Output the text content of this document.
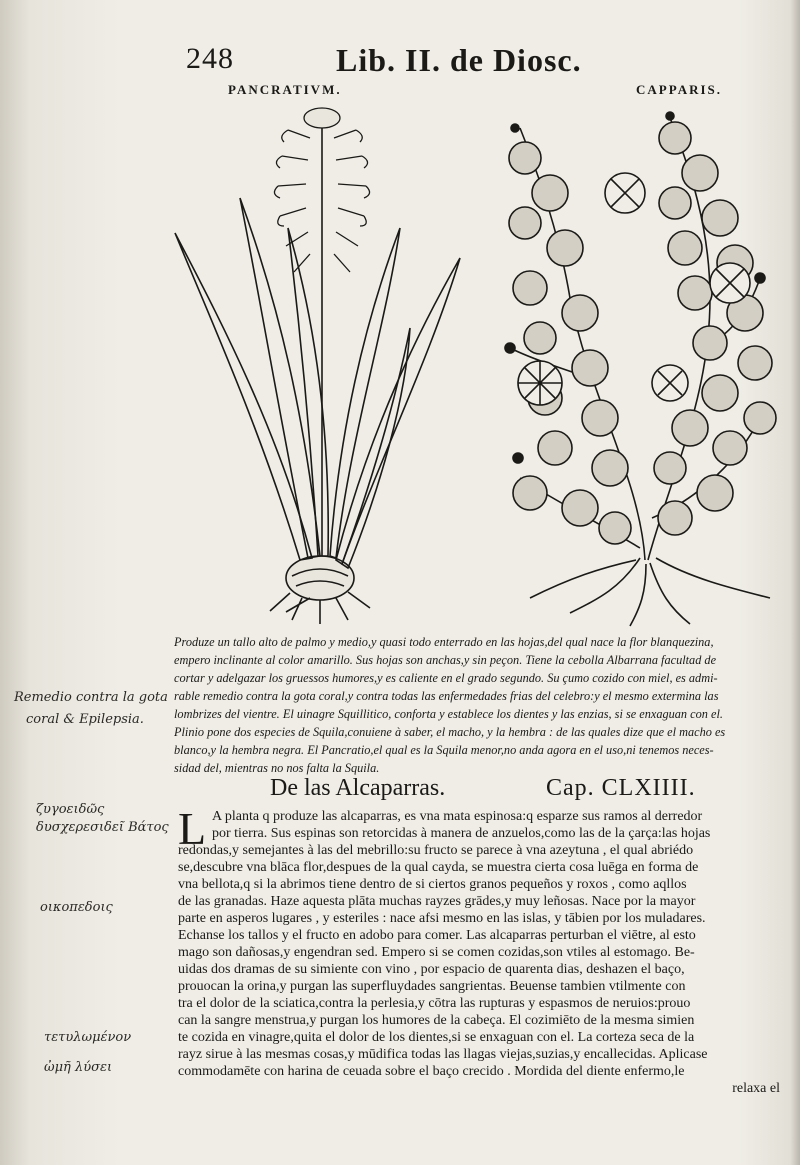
248	Lib. II. de Diosc.
PANCRATIVM.	CAPPARIS.
Produze un tallo alto de palmo y medio,y quasi todo enterrado en las hojas,del qual nace la flor blanquezina,
empero inclinante al color amarillo. Sus hojas son anchas,y sin peçon. Tiene la cebolla Albarrana facultad de
cortar y adelgazar los gruessos humores,y es caliente en el grado segundo. Su çumo cozido con miel, es admi-
rable remedio contra la gota coral,y contra todas las enfermedades frias del celebro:y el mesmo extermina las
lombrizes del vientre. El uinagre Squillitico, conforta y establece los dientes y las enzias, si se enxaguan con el.
Plinio pone dos especies de Squila,conuiene à saber, el macho, y la hembra : de las quales dize que el macho es
blanco,y la hembra negra. El Pancratio,el qual es la Squila menor,no anda agora en el uso,ni tenemos neces-
sidad del, mientras no nos falta la Squila.
Remedio contra la gota
coral & Epilepsia.
ζυγοειδῶς
δυσχερεσιδεῖ Βάτος
οικοπεδοις
τετυλωμένον
ὠμῆ λύσει
De las Alcaparras.	Cap. CLXIIII.
L A planta q produze las alcaparras, es vna mata espinosa:q esparze sus ramos al derredor
por tierra. Sus espinas son retorcidas à manera de anzuelos,como las de la çarça:las hojas
redondas,y semejantes à las del mebrillo:su fructo se parece à vna azeytuna , el qual abriédo
se,descubre vna blāca flor,despues de la qual cayda, se muestra cierta cosa luēga en forma de
vna bellota,q si la abrimos tiene dentro de si ciertos granos pequeños y roxos , como aqllos
de las granadas. Haze aquesta plāta muchas rayzes grādes,y muy leñosas. Nace por la mayor
parte en asperos lugares , y esteriles : nace afsi mesmo en las islas, y tābien por los muladares.
Echanse los tallos y el fructo en adobo para comer. Las alcaparras perturban el viētre, al esto
mago son dañosas,y engendran sed. Empero si se comen cozidas,son vtiles al estomago. Be-
uidas dos dramas de su simiente con vino , por espacio de quarenta dias, deshazen el baço,
prouocan la orina,y purgan las superfluydades sangrientas. Beuense tambien vtilmente con
tra el dolor de la sciatica,contra la perlesia,y cōtra las rupturas y espasmos de neruios:prouo
can la sangre menstrua,y purgan los humores de la cabeça. El cozimiēto de la mesma simien
te cozida en vinagre,quita el dolor de los dientes,si se enxaguan con el. La corteza seca de la
rayz sirue à las mesmas cosas,y mūdifica todas las llagas viejas,suzias,y encallecidas. Aplicase
commodamēte con harina de ceuada sobre el baço crecido . Mordida del diente enfermo,le
relaxa el
